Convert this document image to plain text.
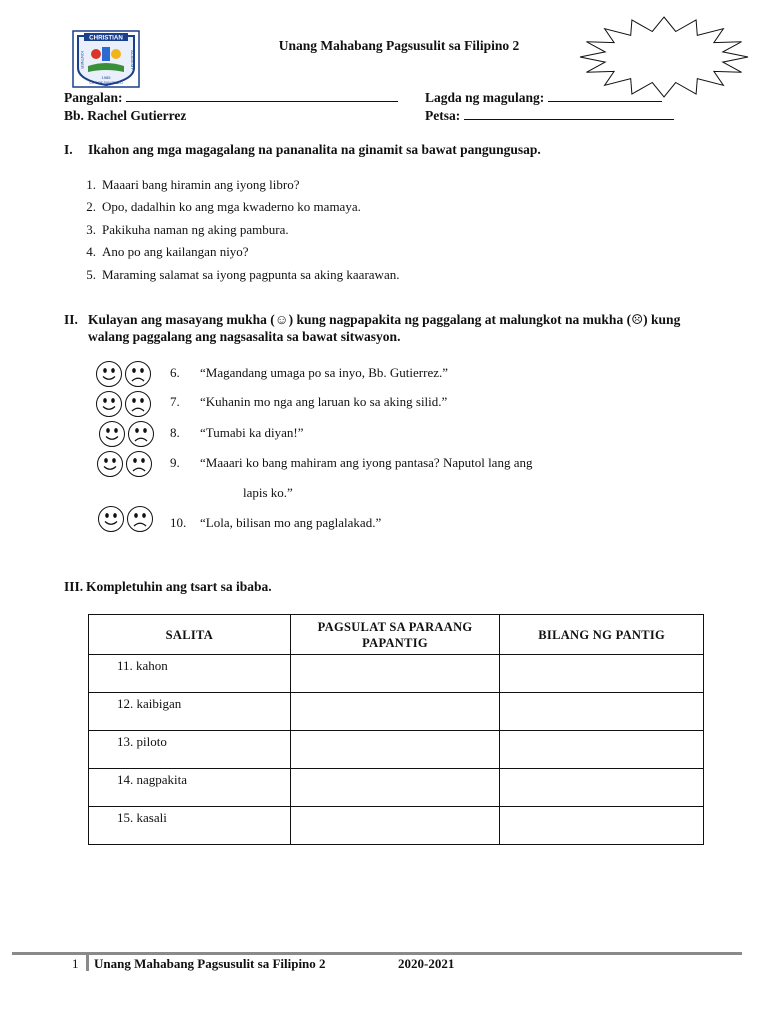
CHRISTIAN
KINTNER	ACADEMY
1985
CITY OF SAN PABLO
Unang Mahabang Pagsusulit sa Filipino 2
Pangalan:	Lagda ng magulang:
Bb. Rachel Gutierrez	Petsa:
I. Ikahon ang mga magagalang na pananalita na ginamit sa bawat pangungusap.
1. Maaari bang hiramin ang iyong libro?
2. Opo, dadalhin ko ang mga kwaderno ko mamaya.
3. Pakikuha naman ng aking pambura.
4. Ano po ang kailangan niyo?
5. Maraming salamat sa iyong pagpunta sa aking kaarawan.
II. Kulayan ang masayang mukha (☺) kung nagpapakita ng paggalang at malungkot na mukha (☹) kung
walang paggalang ang nagsasalita sa bawat sitwasyon.
6. “Magandang umaga po sa inyo, Bb. Gutierrez.”
7. “Kuhanin mo nga ang laruan ko sa aking silid.”
8. “Tumabi ka diyan!”
9. “Maaari ko bang mahiram ang iyong pantasa? Naputol lang ang
lapis ko.”
10. “Lola, bilisan mo ang paglalakad.”
III. Kompletuhin ang tsart sa ibaba.
SALITA	PAGSULAT SA PARAANG PAPANTIG	BILANG NG PANTIG
11. kahon		
12. kaibigan		
13. piloto		
14. nagpakita		
15. kasali		
1 Unang Mahabang Pagsusulit sa Filipino 2	2020-2021
